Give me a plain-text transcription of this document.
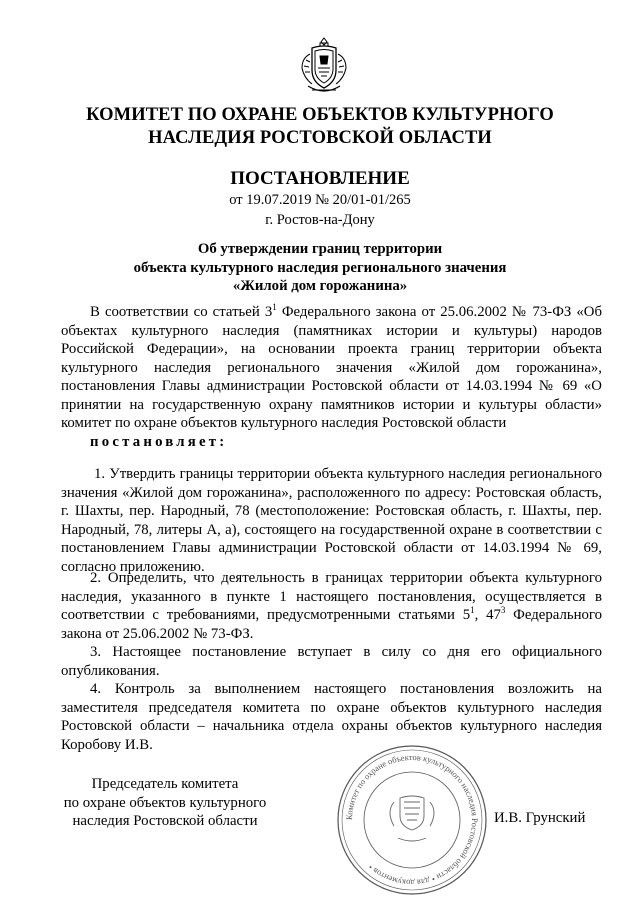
КОМИТЕТ ПО ОХРАНЕ ОБЪЕКТОВ КУЛЬТУРНОГО
НАСЛЕДИЯ РОСТОВСКОЙ ОБЛАСТИ
ПОСТАНОВЛЕНИЕ
от 19.07.2019 № 20/01-01/265
г. Ростов-на-Дону
Об утверждении границ территории
объекта культурного наследия регионального значения
«Жилой дом горожанина»
В соответствии со статьей $3^1$ Федерального закона от 25.06.2002 № 73-ФЗ «Об объектах культурного наследия (памятниках истории и культуры) народов Российской Федерации», на основании проекта границ территории объекта культурного наследия регионального значения «Жилой дом горожанина», постановления Главы администрации Ростовской области от 14.03.1994 № 69 «О принятии на государственную охрану памятников истории и культуры области» комитет по охране объектов культурного наследия Ростовской области
постановляет:
1. Утвердить границы территории объекта культурного наследия регионального значения «Жилой дом горожанина», расположенного по адресу: Ростовская область, г. Шахты, пер. Народный, 78 (местоположение: Ростовская область, г. Шахты, пер. Народный, 78, литеры А, а), состоящего на государственной охране в соответствии с постановлением Главы администрации Ростовской области от 14.03.1994 № 69, согласно приложению.
2. Определить, что деятельность в границах территории объекта культурного наследия, указанного в пункте 1 настоящего постановления, осуществляется в соответствии с требованиями, предусмотренными статьями $5^1$, $47^3$ Федерального закона от 25.06.2002 № 73-ФЗ.
3. Настоящее постановление вступает в силу со дня его официального опубликования.
4. Контроль за выполнением настоящего постановления возложить на заместителя председателя комитета по охране объектов культурного наследия Ростовской области – начальника отдела охраны объектов культурного наследия Коробову И.В.
Комитет по охране объектов культурного наследия Ростовской области • для документов •
Председатель комитета
по охране объектов культурного
наследия Ростовской области	И.В. Грунский
